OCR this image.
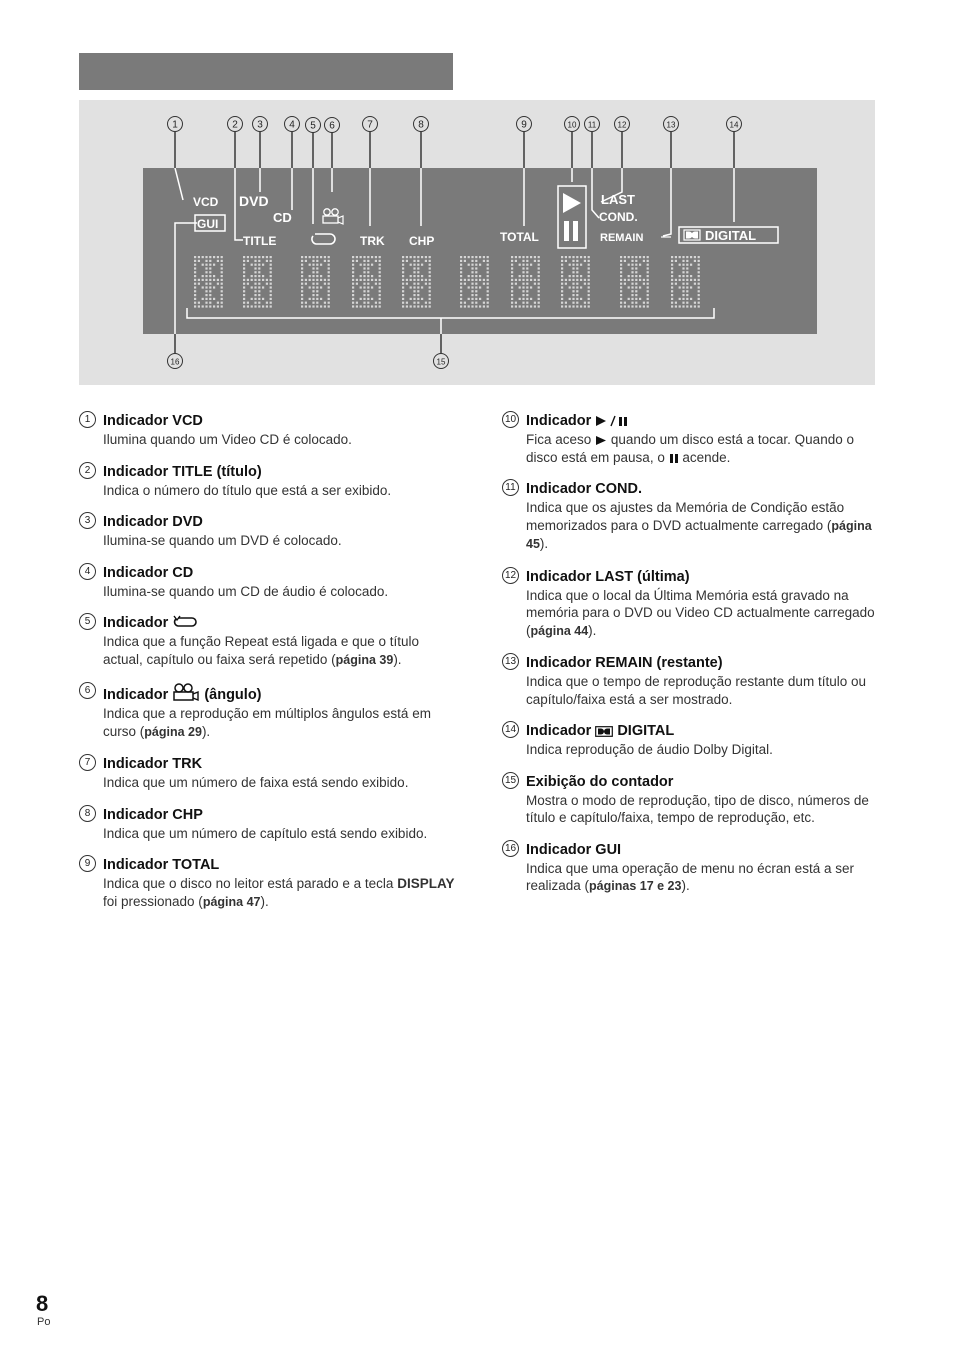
1	2 3	4 5 6	7	8	9	10 11	12	13	14
15
16
VCD DVD
CD
TITLE	TRK CHP	TOTAL
LAST
COND.
REMAIN	DIGITAL
GUI
1 Indicador VCD
Ilumina quando um Video CD é colocado.
2 Indicador TITLE (título)
Indica o número do título que está a ser exibido.
3 Indicador DVD
Ilumina-se quando um DVD é colocado.
4 Indicador CD
Ilumina-se quando um CD de áudio é colocado.
5 Indicador
Indica que a função Repeat está ligada e que o título actual, capítulo ou faixa será repetido (página 39).
6 Indicador (ângulo)
Indica que a reprodução em múltiplos ângulos está em curso (página 29).
7 Indicador TRK
Indica que um número de faixa está sendo exibido.
8 Indicador CHP
Indica que um número de capítulo está sendo exibido.
9 Indicador TOTAL
Indica que o disco no leitor está parado e a tecla DISPLAY foi pressionado (página 47).
10 Indicador
Fica aceso quando um disco está a tocar. Quando o disco está em pausa, o acende.
11 Indicador COND.
Indica que os ajustes da Memória de Condição estão memorizados para o DVD actualmente carregado (página 45).
12 Indicador LAST (última)
Indica que o local da Última Memória está gravado na memória para o DVD ou Video CD actualmente carregado (página 44).
13 Indicador REMAIN (restante)
Indica que o tempo de reprodução restante dum título ou capítulo/faixa está a ser mostrado.
14 Indicador DIGITAL
Indica reprodução de áudio Dolby Digital.
15 Exibição do contador
Mostra o modo de reprodução, tipo de disco, números de título e capítulo/faixa, tempo de reprodução, etc.
16 Indicador GUI
Indica que uma operação de menu no écran está a ser realizada (páginas 17 e 23).
8
Po
